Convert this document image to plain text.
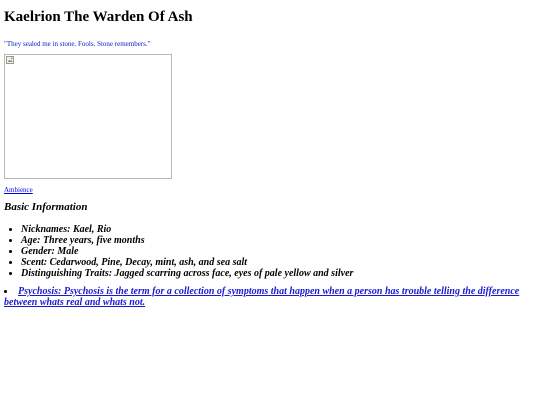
Kaelrion The Warden Of Ash

"They sealed me in stone. Fools. Stone remembers."

Ambience
Basic Information
• Nicknames: Kael, Rio
• Age: Three years, five months
• Gender: Male
• Scent: Cedarwood, Pine, Decay, mint, ash, and sea salt
• Distinguishing Traits: Jagged scarring across face, eyes of pale yellow and silver
• Psychosis: Psychosis is the term for a collection of symptoms that happen when a person has trouble telling the difference between whats real and whats not.
